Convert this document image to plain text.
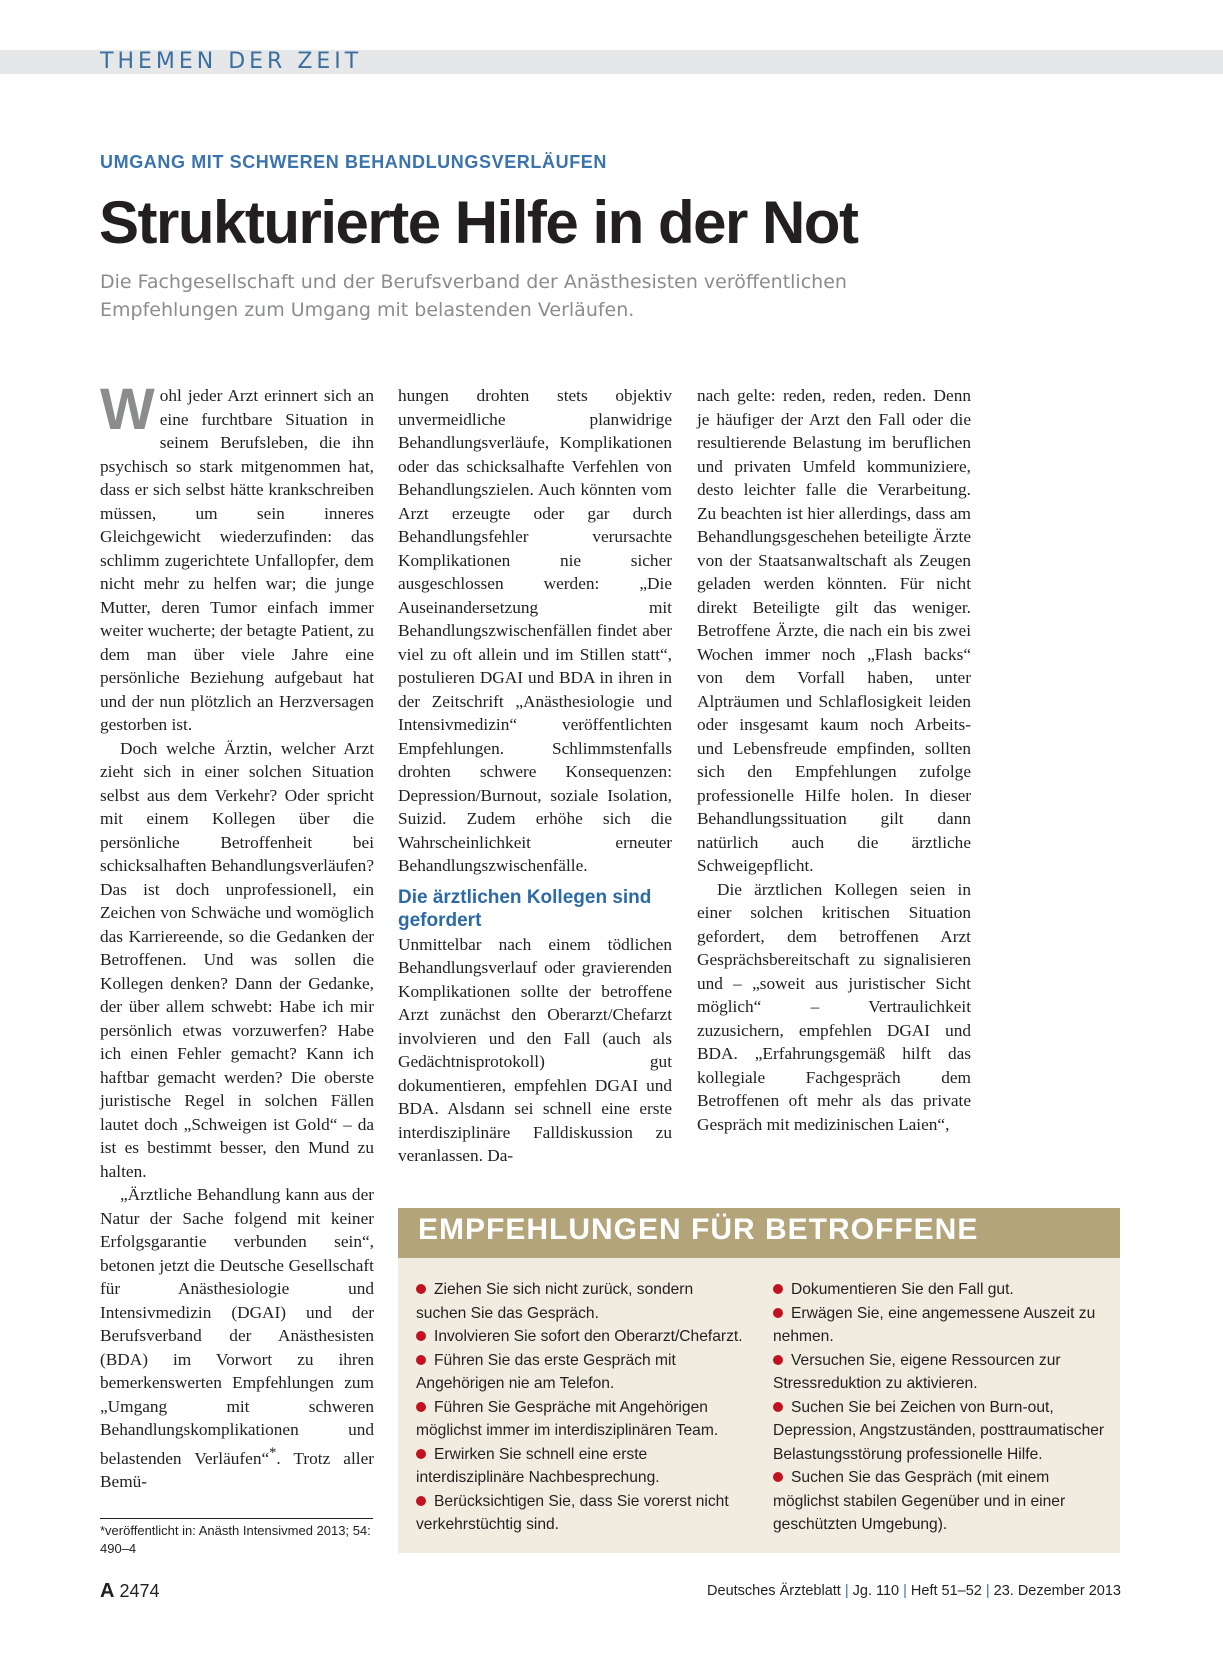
THEMEN DER ZEIT
UMGANG MIT SCHWEREN BEHANDLUNGSVERLÄUFEN
Strukturierte Hilfe in der Not
Die Fachgesellschaft und der Berufsverband der Anästhesisten veröffentlichen Empfehlungen zum Umgang mit belastenden Verläufen.

Wohl jeder Arzt erinnert sich an eine furchtbare Situation in seinem Berufsleben, die ihn psychisch so stark mitgenommen hat, dass er sich selbst hätte krankschreiben müssen, um sein inneres Gleichgewicht wiederzufinden: das schlimm zugerichtete Unfallopfer, dem nicht mehr zu helfen war; die junge Mutter, deren Tumor einfach immer weiter wucherte; der betagte Patient, zu dem man über viele Jahre eine persönliche Beziehung aufgebaut hat und der nun plötzlich an Herzversagen gestorben ist.

Doch welche Ärztin, welcher Arzt zieht sich in einer solchen Situation selbst aus dem Verkehr? Oder spricht mit einem Kollegen über die persönliche Betroffenheit bei schicksalhaften Behandlungsverläufen? Das ist doch unprofessionell, ein Zeichen von Schwäche und womöglich das Karriereende, so die Gedanken der Betroffenen. Und was sollen die Kollegen denken? Dann der Gedanke, der über allem schwebt: Habe ich mir persönlich etwas vorzuwerfen? Habe ich einen Fehler gemacht? Kann ich haftbar gemacht werden? Die oberste juristische Regel in solchen Fällen lautet doch „Schweigen ist Gold“ – da ist es bestimmt besser, den Mund zu halten.

„Ärztliche Behandlung kann aus der Natur der Sache folgend mit keiner Erfolgsgarantie verbunden sein“, betonen jetzt die Deutsche Gesellschaft für Anästhesiologie und Intensivmedizin (DGAI) und der Berufsverband der Anästhesisten (BDA) im Vorwort zu ihren bemerkenswerten Empfehlungen zum „Umgang mit schweren Behandlungskomplikationen und belastenden Verläufen“*. Trotz aller Bemü-

hungen drohten stets objektiv unvermeidliche planwidrige Behandlungsverläufe, Komplikationen oder das schicksalhafte Verfehlen von Behandlungszielen. Auch könnten vom Arzt erzeugte oder gar durch Behandlungsfehler verursachte Komplikationen nie sicher ausgeschlossen werden: „Die Auseinandersetzung mit Behandlungszwischenfällen findet aber viel zu oft allein und im Stillen statt“, postulieren DGAI und BDA in ihren in der Zeitschrift „Anästhesiologie und Intensivmedizin“ veröffentlichten Empfehlungen. Schlimmstenfalls drohten schwere Konsequenzen: Depression/Burnout, soziale Isolation, Suizid. Zudem erhöhe sich die Wahrscheinlichkeit erneuter Behandlungszwischenfälle.

Die ärztlichen Kollegen sind gefordert

Unmittelbar nach einem tödlichen Behandlungsverlauf oder gravierenden Komplikationen sollte der betroffene Arzt zunächst den Oberarzt/Chefarzt involvieren und den Fall (auch als Gedächtnisprotokoll) gut dokumentieren, empfehlen DGAI und BDA. Alsdann sei schnell eine erste interdisziplinäre Falldiskussion zu veranlassen. Da-

nach gelte: reden, reden, reden. Denn je häufiger der Arzt den Fall oder die resultierende Belastung im beruflichen und privaten Umfeld kommuniziere, desto leichter falle die Verarbeitung. Zu beachten ist hier allerdings, dass am Behandlungsgeschehen beteiligte Ärzte von der Staatsanwaltschaft als Zeugen geladen werden könnten. Für nicht direkt Beteiligte gilt das weniger. Betroffene Ärzte, die nach ein bis zwei Wochen immer noch „Flash backs“ von dem Vorfall haben, unter Alpträumen und Schlaflosigkeit leiden oder insgesamt kaum noch Arbeits- und Lebensfreude empfinden, sollten sich den Empfehlungen zufolge professionelle Hilfe holen. In dieser Behandlungssituation gilt dann natürlich auch die ärztliche Schweigepflicht.

Die ärztlichen Kollegen seien in einer solchen kritischen Situation gefordert, dem betroffenen Arzt Gesprächsbereitschaft zu signalisieren und – „soweit aus juristischer Sicht möglich“ – Vertraulichkeit zuzusichern, empfehlen DGAI und BDA. „Erfahrungsgemäß hilft das kollegiale Fachgespräch dem Betroffenen oft mehr als das private Gespräch mit medizinischen Laien“,

*veröffentlicht in: Anästh Intensivmed 2013; 54: 490–4
EMPFEHLUNGEN FÜR BETROFFENE
Ziehen Sie sich nicht zurück, sondern suchen Sie das Gespräch.
Involvieren Sie sofort den Oberarzt/Chefarzt.
Führen Sie das erste Gespräch mit Angehörigen nie am Telefon.
Führen Sie Gespräche mit Angehörigen möglichst immer im interdisziplinären Team.
Erwirken Sie schnell eine erste interdisziplinäre Nachbesprechung.
Berücksichtigen Sie, dass Sie vorerst nicht verkehrstüchtig sind.
Dokumentieren Sie den Fall gut.
Erwägen Sie, eine angemessene Auszeit zu nehmen.
Versuchen Sie, eigene Ressourcen zur Stressreduktion zu aktivieren.
Suchen Sie bei Zeichen von Burn-out, Depression, Angstzuständen, posttraumatischer Belastungsstörung professionelle Hilfe.
Suchen Sie das Gespräch (mit einem möglichst stabilen Gegenüber und in einer geschützten Umgebung).
A 2474	Deutsches Ärzteblatt | Jg. 110 | Heft 51–52 | 23. Dezember 2013
